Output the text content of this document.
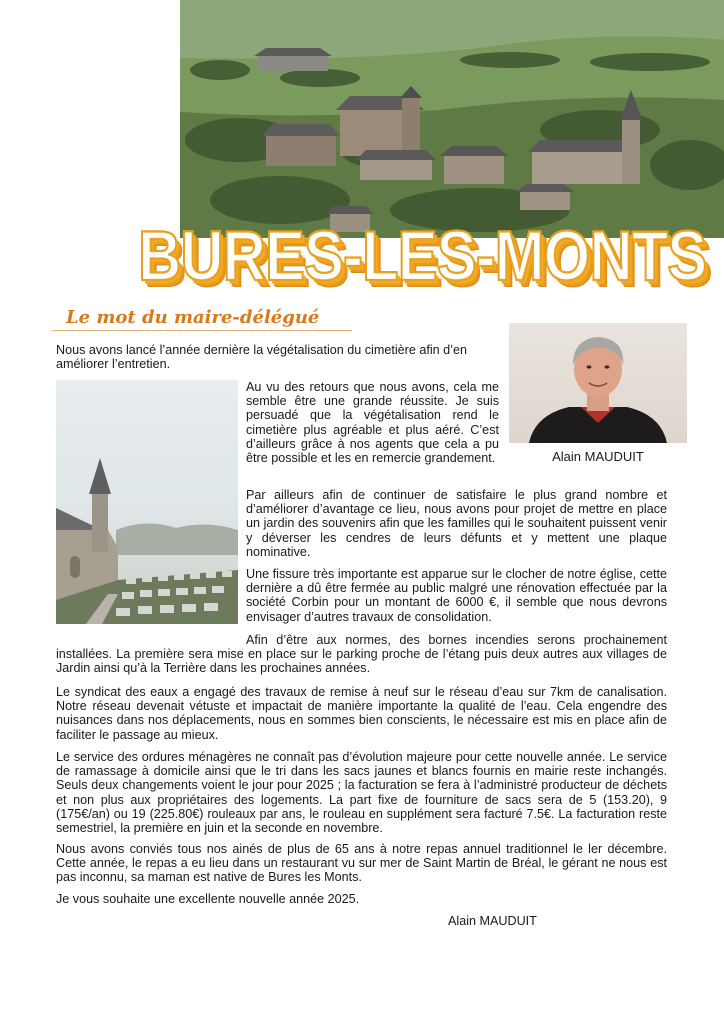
BURES-LES-MONTS
Le mot du maire-délégué
Alain MAUDUIT

Nous avons lancé l’année dernière la végétalisation du cimetière afin d’en améliorer l’entretien.

Au vu des retours que nous avons, cela me semble être une grande réussite. Je suis persuadé que la végétalisation rend le cimetière plus agréable et plus aéré. C’est d’ailleurs grâce à nos agents que cela a pu être possible et les en remercie grandement.

Par ailleurs afin de continuer de satisfaire le plus grand nombre et d’améliorer d’avantage ce lieu, nous avons pour projet de mettre en place un jardin des souvenirs afin que les familles qui le souhaitent puissent venir y déverser les cendres de leurs défunts et y mettent une plaque nominative.

Une fissure très importante est apparue sur le clocher de notre église, cette dernière a dû être fermée au public malgré une rénovation effectuée par la société Corbin pour un montant de 6000 €, il semble que nous devrons envisager d’autres travaux de consolidation.

Afin d’être aux normes, des bornes incendies serons prochainement installées. La première sera mise en place sur le parking proche de l’étang puis deux autres aux villages de Jardin ainsi qu’à la Terrière dans les prochaines années.

Le syndicat des eaux a engagé des travaux de remise à neuf sur le réseau d’eau sur 7km de canalisation. Notre réseau devenait vétuste et impactait de manière importante la qualité de l’eau. Cela engendre des nuisances dans nos déplacements, nous en sommes bien conscients, le nécessaire est mis en place afin de faciliter le passage au mieux.

Le service des ordures ménagères ne connaît pas d’évolution majeure pour cette nouvelle année. Le service de ramassage à domicile ainsi que le tri dans les sacs jaunes et blancs fournis en mairie reste inchangés. Seuls deux changements voient le jour pour 2025 ; la facturation se fera à l’administré producteur de déchets et non plus aux propriétaires des logements. La part fixe de fourniture de sacs sera de 5 (153.20), 9 (175€/an) ou 19 (225.80€) rouleaux par ans, le rouleau en supplément sera facturé 7.5€. La facturation reste semestriel, la première en juin et la seconde en novembre.

Nous avons conviés tous nos ainés de plus de 65 ans à notre repas annuel traditionnel le ler décembre. Cette année, le repas a eu lieu dans un restaurant vu sur mer de Saint Martin de Bréal, le gérant ne nous est pas inconnu, sa maman est native de Bures les Monts.

Je vous souhaite une excellente nouvelle année 2025.

Alain MAUDUIT
